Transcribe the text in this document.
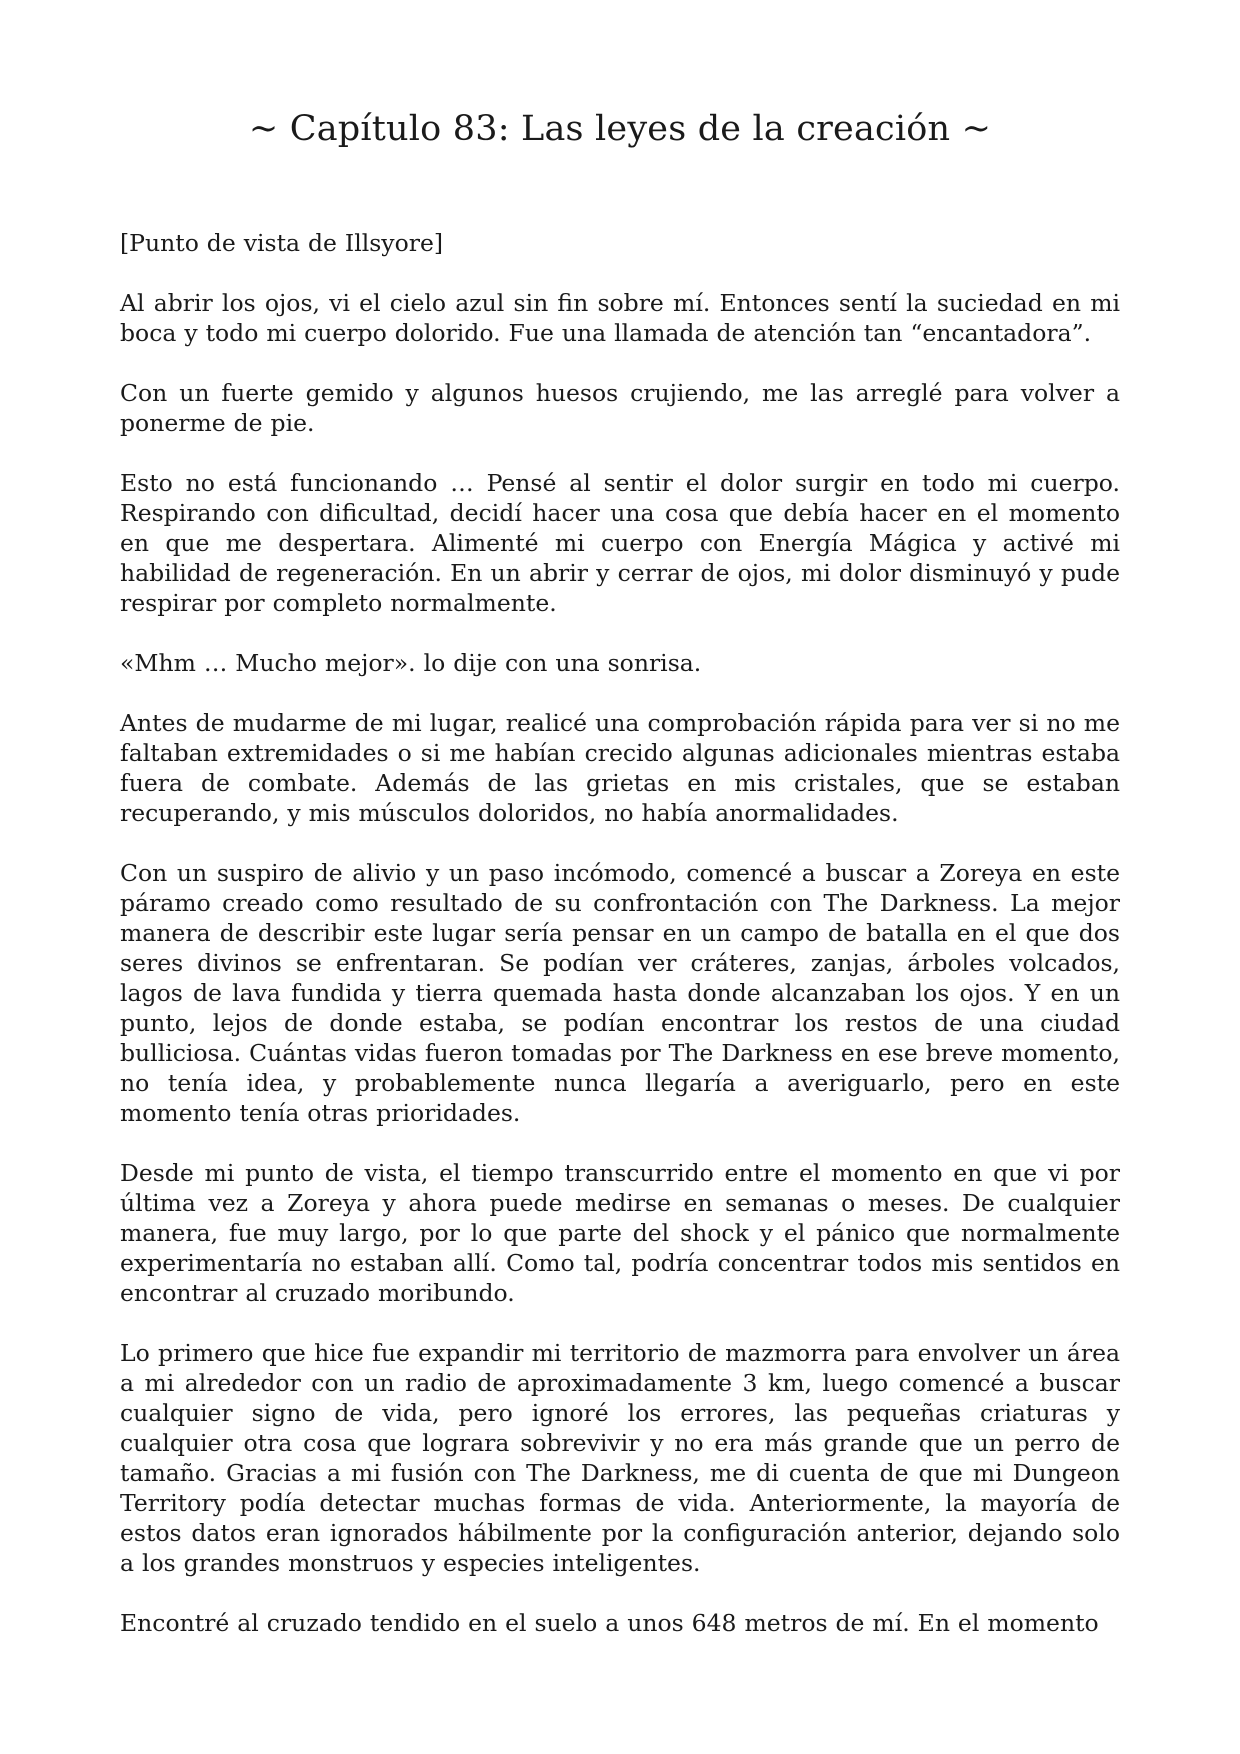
~ Capítulo 83: Las leyes de la creación ~

[Punto de vista de Illsyore]

Al abrir los ojos, vi el cielo azul sin fin sobre mí. Entonces sentí la suciedad en mi boca y todo mi cuerpo dolorido. Fue una llamada de atención tan “encantadora”.

Con un fuerte gemido y algunos huesos crujiendo, me las arreglé para volver a ponerme de pie.

Esto no está funcionando … Pensé al sentir el dolor surgir en todo mi cuerpo. Respirando con dificultad, decidí hacer una cosa que debía hacer en el momento en que me despertara. Alimenté mi cuerpo con Energía Mágica y activé mi habilidad de regeneración. En un abrir y cerrar de ojos, mi dolor disminuyó y pude respirar por completo normalmente.

«Mhm … Mucho mejor». lo dije con una sonrisa.

Antes de mudarme de mi lugar, realicé una comprobación rápida para ver si no me faltaban extremidades o si me habían crecido algunas adicionales mientras estaba fuera de combate. Además de las grietas en mis cristales, que se estaban recuperando, y mis músculos doloridos, no había anormalidades.

Con un suspiro de alivio y un paso incómodo, comencé a buscar a Zoreya en este páramo creado como resultado de su confrontación con The Darkness. La mejor manera de describir este lugar sería pensar en un campo de batalla en el que dos seres divinos se enfrentaran. Se podían ver cráteres, zanjas, árboles volcados, lagos de lava fundida y tierra quemada hasta donde alcanzaban los ojos. Y en un punto, lejos de donde estaba, se podían encontrar los restos de una ciudad bulliciosa. Cuántas vidas fueron tomadas por The Darkness en ese breve momento, no tenía idea, y probablemente nunca llegaría a averiguarlo, pero en este momento tenía otras prioridades.

Desde mi punto de vista, el tiempo transcurrido entre el momento en que vi por última vez a Zoreya y ahora puede medirse en semanas o meses. De cualquier manera, fue muy largo, por lo que parte del shock y el pánico que normalmente experimentaría no estaban allí. Como tal, podría concentrar todos mis sentidos en encontrar al cruzado moribundo.

Lo primero que hice fue expandir mi territorio de mazmorra para envolver un área a mi alrededor con un radio de aproximadamente 3 km, luego comencé a buscar cualquier signo de vida, pero ignoré los errores, las pequeñas criaturas y cualquier otra cosa que lograra sobrevivir y no era más grande que un perro de tamaño. Gracias a mi fusión con The Darkness, me di cuenta de que mi Dungeon Territory podía detectar muchas formas de vida. Anteriormente, la mayoría de estos datos eran ignorados hábilmente por la configuración anterior, dejando solo a los grandes monstruos y especies inteligentes.

Encontré al cruzado tendido en el suelo a unos 648 metros de mí. En el momento
